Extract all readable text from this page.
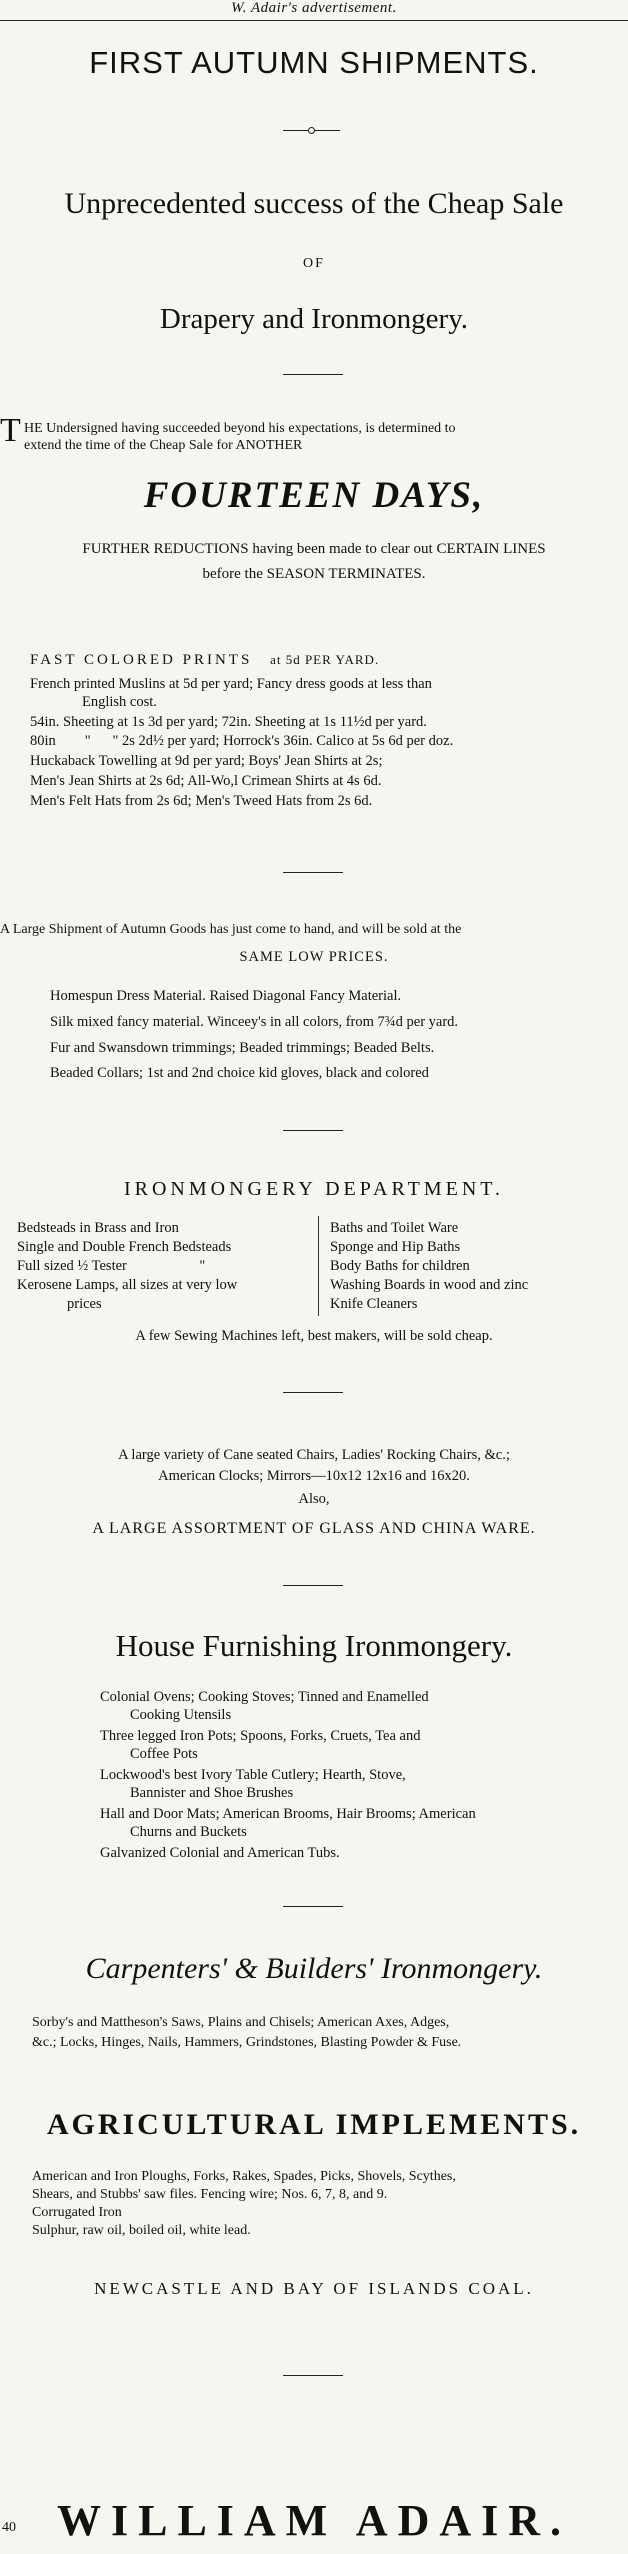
W. Adair's advertisement.
FIRST AUTUMN SHIPMENTS.
Unprecedented success of the Cheap Sale
OF
Drapery and Ironmongery.
T HE Undersigned having succeeded beyond his expectations, is determined to
extend the time of the Cheap Sale for ANOTHER
FOURTEEN DAYS,
FURTHER REDUCTIONS having been made to clear out CERTAIN LINES
before the SEASON TERMINATES.
FAST COLORED PRINTS at 5d PER YARD.
French printed Muslins at 5d per yard; Fancy dress goods at less than
English cost.
54in. Sheeting at 1s 3d per yard; 72in. Sheeting at 1s 11½d per yard.
80in        "      " 2s 2d½ per yard; Horrock's 36in. Calico at 5s 6d per doz.
Huckaback Towelling at 9d per yard; Boys' Jean Shirts at 2s;
Men's Jean Shirts at 2s 6d; All-Wo,l Crimean Shirts at 4s 6d.
Men's Felt Hats from 2s 6d; Men's Tweed Hats from 2s 6d.
A Large Shipment of Autumn Goods has just come to hand, and will be sold at the
SAME LOW PRICES.
Homespun Dress Material. Raised Diagonal Fancy Material.
Silk mixed fancy material. Winceey's in all colors, from 7¾d per yard.
Fur and Swansdown trimmings; Beaded trimmings; Beaded Belts.
Beaded Collars; 1st and 2nd choice kid gloves, black and colored
IRONMONGERY DEPARTMENT.
Bedsteads in Brass and Iron
Single and Double French Bedsteads
Full sized ½ Tester                    "
Kerosene Lamps, all sizes at very low
prices
Baths and Toilet Ware
Sponge and Hip Baths
Body Baths for children
Washing Boards in wood and zinc
Knife Cleaners
A few Sewing Machines left, best makers, will be sold cheap.
A large variety of Cane seated Chairs, Ladies' Rocking Chairs, &c.;
American Clocks; Mirrors—10x12 12x16 and 16x20.
Also,
A LARGE ASSORTMENT OF GLASS AND CHINA WARE.
House Furnishing Ironmongery.
Colonial Ovens; Cooking Stoves; Tinned and Enamelled
Cooking Utensils
Three legged Iron Pots; Spoons, Forks, Cruets, Tea and
Coffee Pots
Lockwood's best Ivory Table Cutlery; Hearth, Stove,
Bannister and Shoe Brushes
Hall and Door Mats; American Brooms, Hair Brooms; American
Churns and Buckets
Galvanized Colonial and American Tubs.
Carpenters' & Builders' Ironmongery.
Sorby's and Mattheson's Saws, Plains and Chisels; American Axes, Adges,
&c.; Locks, Hinges, Nails, Hammers, Grindstones, Blasting Powder & Fuse.
AGRICULTURAL IMPLEMENTS.
American and Iron Ploughs, Forks, Rakes, Spades, Picks, Shovels, Scythes,
Shears, and Stubbs' saw files. Fencing wire; Nos. 6, 7, 8, and 9.
Corrugated Iron
Sulphur, raw oil, boiled oil, white lead.
NEWCASTLE AND BAY OF ISLANDS COAL.
40 WILLIAM ADAIR.
